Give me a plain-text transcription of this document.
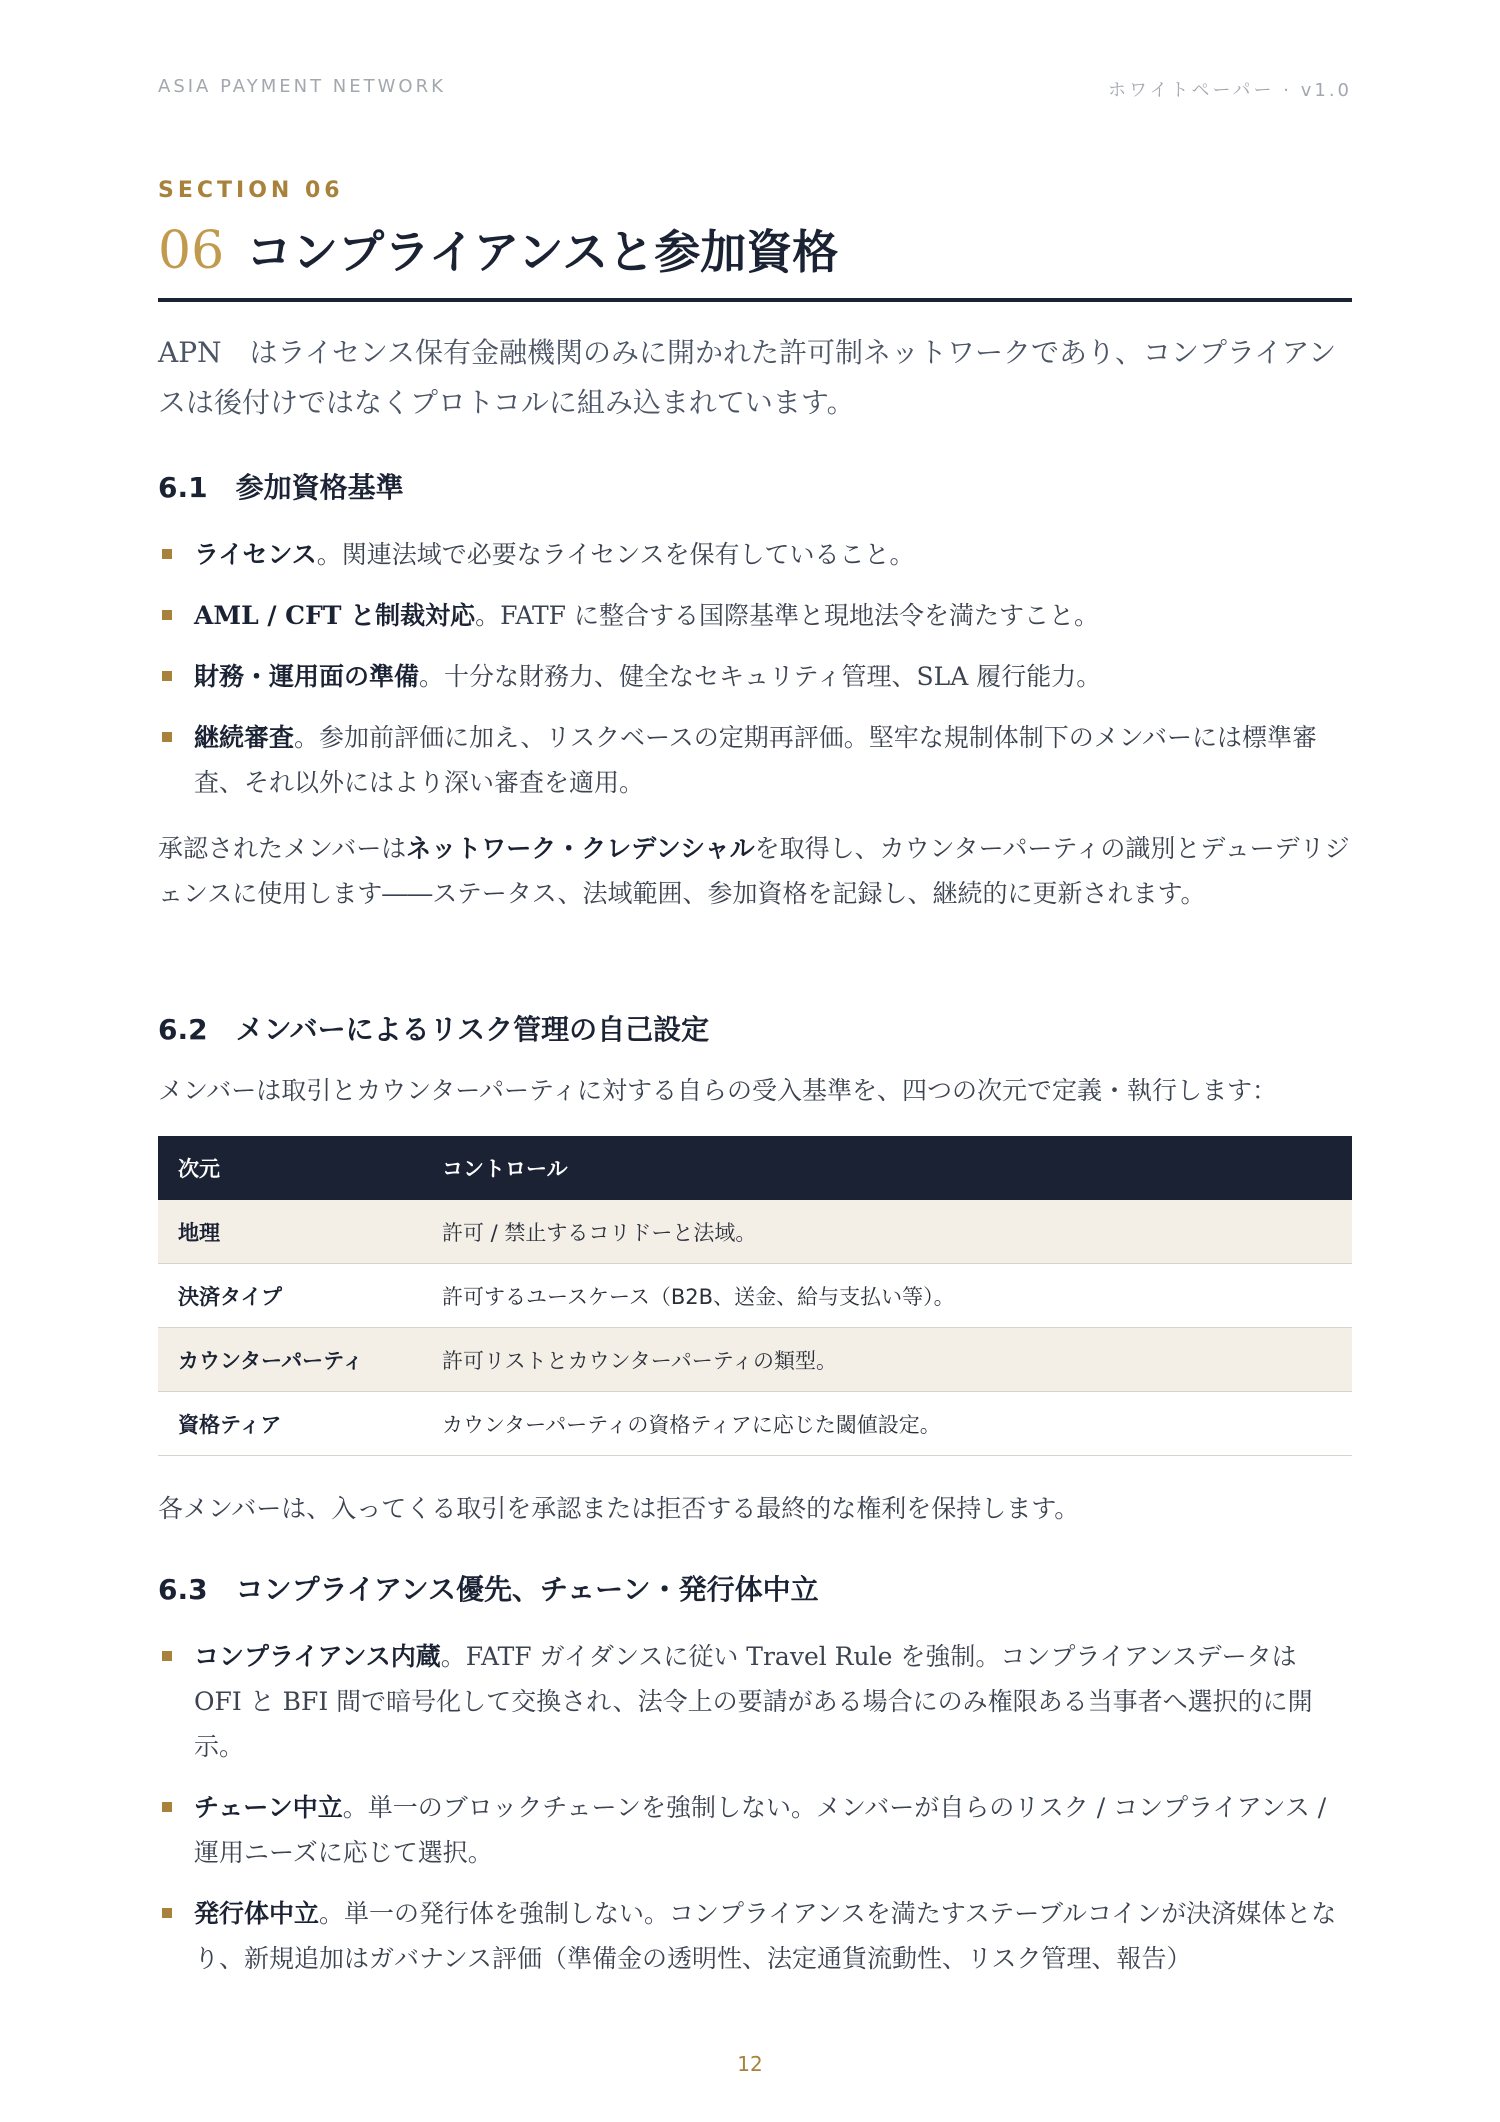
ASIA PAYMENT NETWORK	ホワイトペーパー · v1.0
SECTION 06
06 コンプライアンスと参加資格
APN　はライセンス保有金融機関のみに開かれた許可制ネットワークであり、コンプライアンスは後付けではなくプロトコルに組み込まれています。
6.1 参加資格基準
ライセンス。関連法域で必要なライセンスを保有していること。
AML / CFT と制裁対応。FATF に整合する国際基準と現地法令を満たすこと。
財務・運用面の準備。十分な財務力、健全なセキュリティ管理、SLA 履行能力。
継続審査。参加前評価に加え、リスクベースの定期再評価。堅牢な規制体制下のメンバーには標準審査、それ以外にはより深い審査を適用。
承認されたメンバーはネットワーク・クレデンシャルを取得し、カウンターパーティの識別とデューデリジェンスに使用します――ステータス、法域範囲、参加資格を記録し、継続的に更新されます。
6.2 メンバーによるリスク管理の自己設定
メンバーは取引とカウンターパーティに対する自らの受入基準を、四つの次元で定義・執行します：
次元	コントロール
地理	許可 / 禁止するコリドーと法域。
決済タイプ	許可するユースケース（B2B、送金、給与支払い等）。
カウンターパーティ	許可リストとカウンターパーティの類型。
資格ティア	カウンターパーティの資格ティアに応じた閾値設定。
各メンバーは、入ってくる取引を承認または拒否する最終的な権利を保持します。
6.3 コンプライアンス優先、チェーン・発行体中立
コンプライアンス内蔵。FATF ガイダンスに従い Travel Rule を強制。コンプライアンスデータは OFI と BFI 間で暗号化して交換され、法令上の要請がある場合にのみ権限ある当事者へ選択的に開示。
チェーン中立。単一のブロックチェーンを強制しない。メンバーが自らのリスク / コンプライアンス / 運用ニーズに応じて選択。
発行体中立。単一の発行体を強制しない。コンプライアンスを満たすステーブルコインが決済媒体となり、新規追加はガバナンス評価（準備金の透明性、法定通貨流動性、リスク管理、報告）
12
